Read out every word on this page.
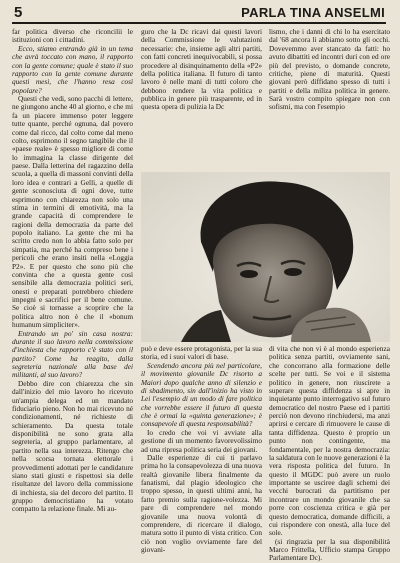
5	PARLA TINA ANSELMI

far politica diverso che riconcilii le istituzioni con i cittadini.

Ecco, stiamo entrando già in un tema che avrà toccato con mano, il rapporto con la gente comune; quale è stato il suo rapporto con la gente comune durante questi mesi, che l'hanno resa così popolare?

Questi che vedi, sono pacchi di lettere, ne giungono anche 40 al giorno, e che mi fa un piacere immenso poter leggere tutte quante, perché ognuna, dal povero come dal ricco, dal colto come dal meno colto, esprimono il segno tangibile che il «paese reale» è spesso migliore di come lo immagina la classe dirigente del paese. Dalla letterina del ragazzino della scuola, a quella di massoni convinti della loro idea e contrari a Gelli, a quelle di gente sconosciuta di ogni dove, tutte esprimono con chiarezza non solo una stima in termini di emotività, ma la grande capacità di comprendere le ragioni della democrazia da parte del popolo italiano. La gente che mi ha scritto credo non lo abbia fatto solo per simpatia, ma perché ha compreso bene i pericoli che erano insiti nella «Loggia P2». E per questo che sono più che convinta che a questa gente così sensibile alla democrazia politici seri, onesti e preparati potrebbero chiedere impegni e sacrifici per il bene comune. Se cioè si tornasse a scoprire che la politica altro non è che il «bonum humanum simpliciter».

Entrando un po' sin casa nostra: durante il suo lavoro nella commissione d'inchiesta che rapporto c'è stato con il partito? Come ha reagito, dalla segreteria nazionale alla base dei militanti, al suo lavoro?

Debbo dire con chiarezza che sin dall'inizio del mio lavoro ho ricevuto un'ampia delega ed un mandato fiduciario pieno. Non ho mai ricevuto né condizionamenti, né richieste di schieramento. Da questa totale disponibilità ne sono grata alla segreteria, al gruppo parlamentare, al partito nella sua interezza. Ritengo che nella scorsa tornata elettorale i provvedimenti adottati per le candidature siano stati giusti e rispettosi sia delle risultanze del lavoro della commissione di inchiesta, sia del decoro del partito. Il gruppo democristiano ha votato compatto la relazione finale. Mi au-

guro che la Dc ricavi dai questi lavori della Commissione le valutazioni necessarie: che, insieme agli altri partiti, con fatti concreti inequivocabili, si possa procedere al disinquinamento della «P2» della politica italiana. Il futuro di tanto lavoro è nelle mani di tutti coloro che debbono rendere la vita politica e pubblica in genere più trasparente, ed in questa opera di pulizia la Dc

lismo, che i danni di chi lo ha esercitato dal '68 ancora li abbiamo sotto gli occhi. Dovevemmo aver stancato da fatti: ho avuto dibattiti ed incontri duri con ed ore più del previsto, o domande concrete, critiche, piene di maturità. Questi giovani però diffidano spesso di tutti i partiti e della miliza politica in genere. Sarà vostro compito spiegare non con sofismi, ma con l'esempio

può e deve essere protagonista, per la sua storia, ed i suoi valori di base.

Scendendo ancora più nel particolare, il movimento giovanile Dc risorto a Maiori dopo qualche anno di silenzio e di sbadimento, sin dall'inizio ha visto in Lei l'esempio di un modo di fare politica che vorrebbe essere il futuro di questa che è ormai la «quinta generazione»; è consapevole di questa responsabilità?

Io credo che voi vi avviate alla gestione di un momento favorevolissimo ad una ripresa politica seria dei giovani.

Dalle esperienze di cui ti parlavo prima ho la consapevolezza di una nuova realtà giovanile libera finalmente da fanatismi, dal plagio ideologico che troppo spesso, in questi ultimi anni, ha fatto premio sulla ragione-volezza. Mi pare di comprendere nel mondo giovanile una nuova volontà di comprendere, di ricercare il dialogo, matura sotto il punto di vista critico. Con ciò non voglio ovviamente fare del giovani-

di vita che non vi è al mondo esperienza politica senza partiti, ovviamente sani, che concorrano alla formazione delle scelte per tutti. Se voi e il sistema politico in genere, non riuscirete a superare questa diffidenza si apre in inquietante punto interrogativo sul futuro democratico del nostro Paese ed i partiti perciò non devono rinchiudersi, ma anzi aprirsi e cercare di rimuovere le cause di tanta diffidenza. Questo è proprio un punto non contingente, ma fondamentale, per la nostra democrazia: la saldatura con le nuove generazioni è la vera risposta politica del futuro. In questo il MGDC può avere un ruolo importante se usciree dagli schemi dei vecchi burocrati da partitismo per incontrare un mondo giovanile che sa porre con coscienza critica e già per questo democratica, domande difficili, a cui rispondere con onestà, alla luce del sole.

(si ringrazia per la sua disponibilità Marco Frittella, Ufficio stampa Gruppo Parlamentare Dc).
